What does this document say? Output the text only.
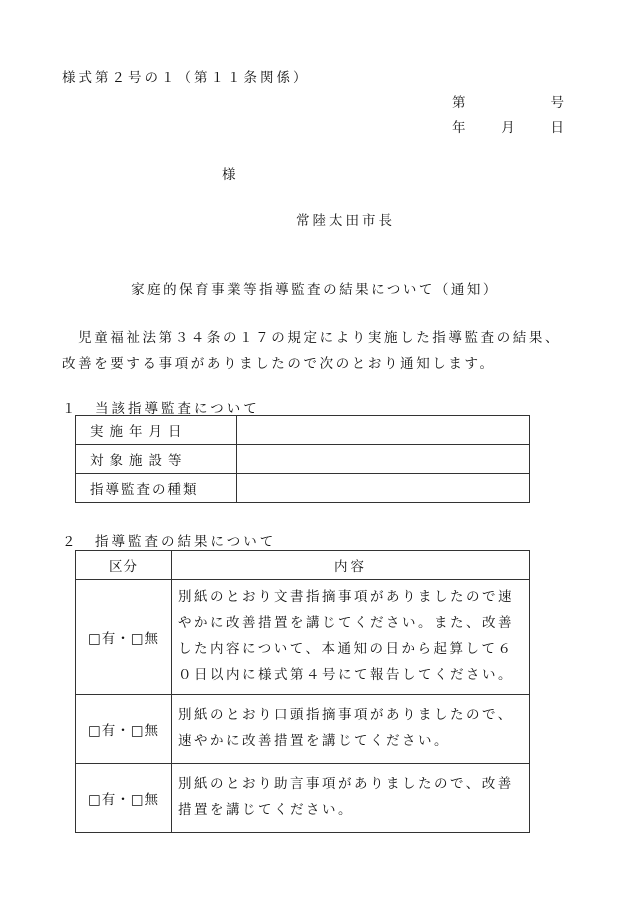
様式第２号の１（第１１条関係）
第	号
年	月	日
様
常陸太田市長
家庭的保育事業等指導監査の結果について（通知）
　児童福祉法第３４条の１７の規定により実施した指導監査の結果、改善を要する事項がありましたので次のとおり通知します。
１　当該指導監査について
実施年月日	
対象施設等	
指導監査の種類	
２　指導監査の結果について
区分	内容
□有・□無	別紙のとおり文書指摘事項がありましたので速やかに改善措置を講じてください。また、改善した内容について、本通知の日から起算して６０日以内に様式第４号にて報告してください。
□有・□無	別紙のとおり口頭指摘事項がありましたので、速やかに改善措置を講じてください。
□有・□無	別紙のとおり助言事項がありましたので、改善措置を講じてください。
